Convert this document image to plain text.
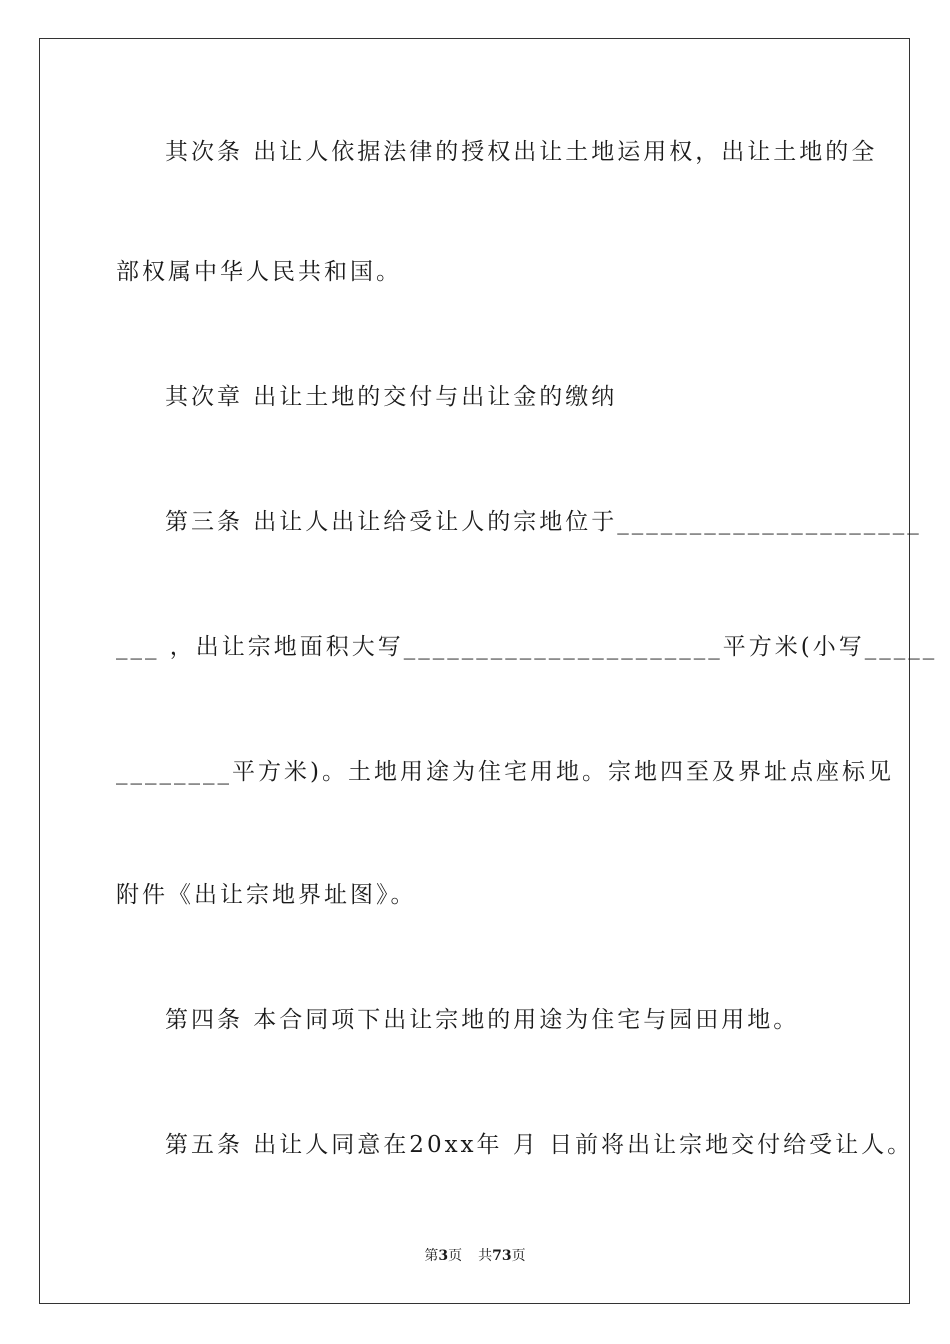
其次条 出让人依据法律的授权出让土地运用权，出让土地的全
部权属中华人民共和国。
其次章 出让土地的交付与出让金的缴纳
第三条 出让人出让给受让人的宗地位于_____________________
___ ，出让宗地面积大写______________________平方米(小写_____
________平方米)。土地用途为住宅用地。宗地四至及界址点座标见
附件《出让宗地界址图》。
第四条 本合同项下出让宗地的用途为住宅与园田用地。
第五条 出让人同意在20xx年 月 日前将出让宗地交付给受让人。
第3页 共73页
